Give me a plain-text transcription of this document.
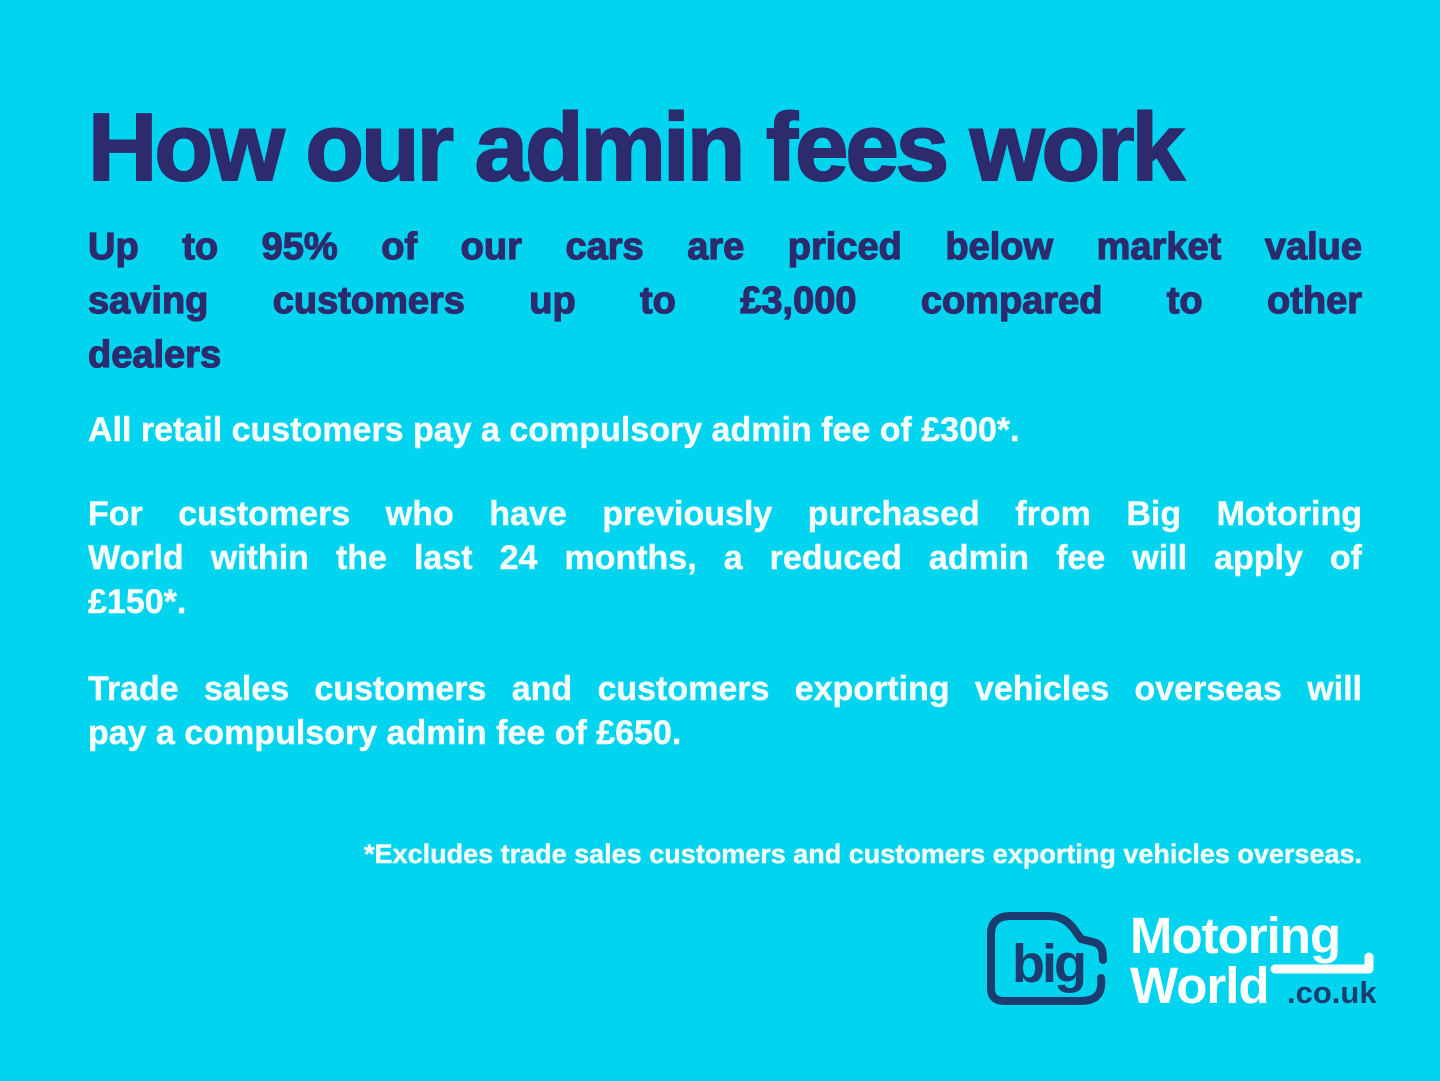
How our admin fees work
Up to 95% of our cars are priced below market value
saving customers up to £3,000 compared to other
dealers
All retail customers pay a compulsory admin fee of £300*.
For customers who have previously purchased from Big Motoring
World within the last 24 months, a reduced admin fee will apply of
£150*.
Trade sales customers and customers exporting vehicles overseas will
pay a compulsory admin fee of £650.
*Excludes trade sales customers and customers exporting vehicles overseas.
big Motoring
World .co.uk
